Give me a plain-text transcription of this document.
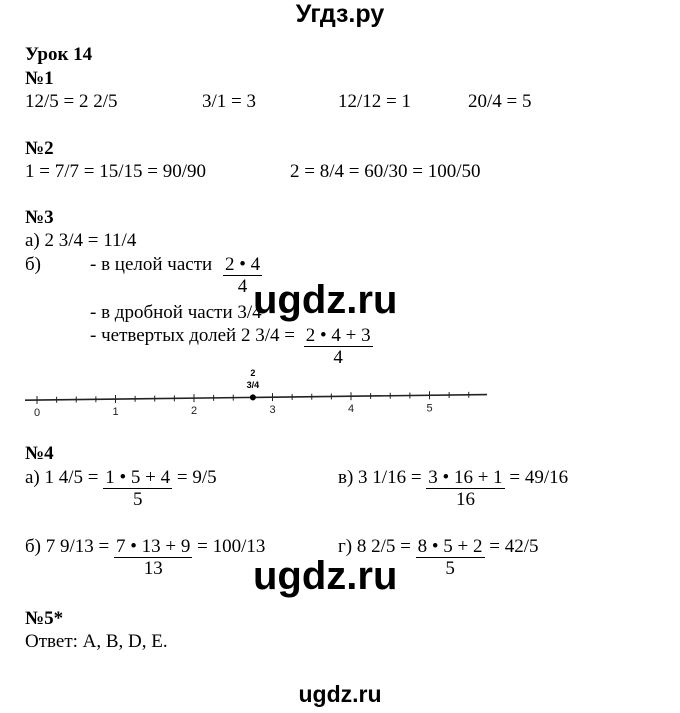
Угдз.ру
Урок 14
№1
12/5 = 2 2/5	3/1 = 3	12/12 = 1	20/4 = 5
№2
1 = 7/7 = 15/15 = 90/90	2 = 8/4 = 60/30 = 100/50
№3
а) 2 3/4 = 11/4
б)	- в целой части $\frac{2 • 4}{4}$
- в дробной части 3/4
- четвертых долей 2 $3/4 = \frac{2 • 4 + 3}{4}$
0	1	2	3	4	5
2
3/4
№4
а) 1 $4/5 = \frac{1 • 5 + 4}{5} = 9/5$	в) 3 $1/16 = \frac{3 • 16 + 1}{16} = 49/16$
б) 7 $9/13 = \frac{7 • 13 + 9}{13} = 100/13$	г) 8 $2/5 = \frac{8 • 5 + 2}{5} = 42/5$
№5*
Ответ: A, B, D, E.
ugdz.ru
ugdz.ru
ugdz.ru
